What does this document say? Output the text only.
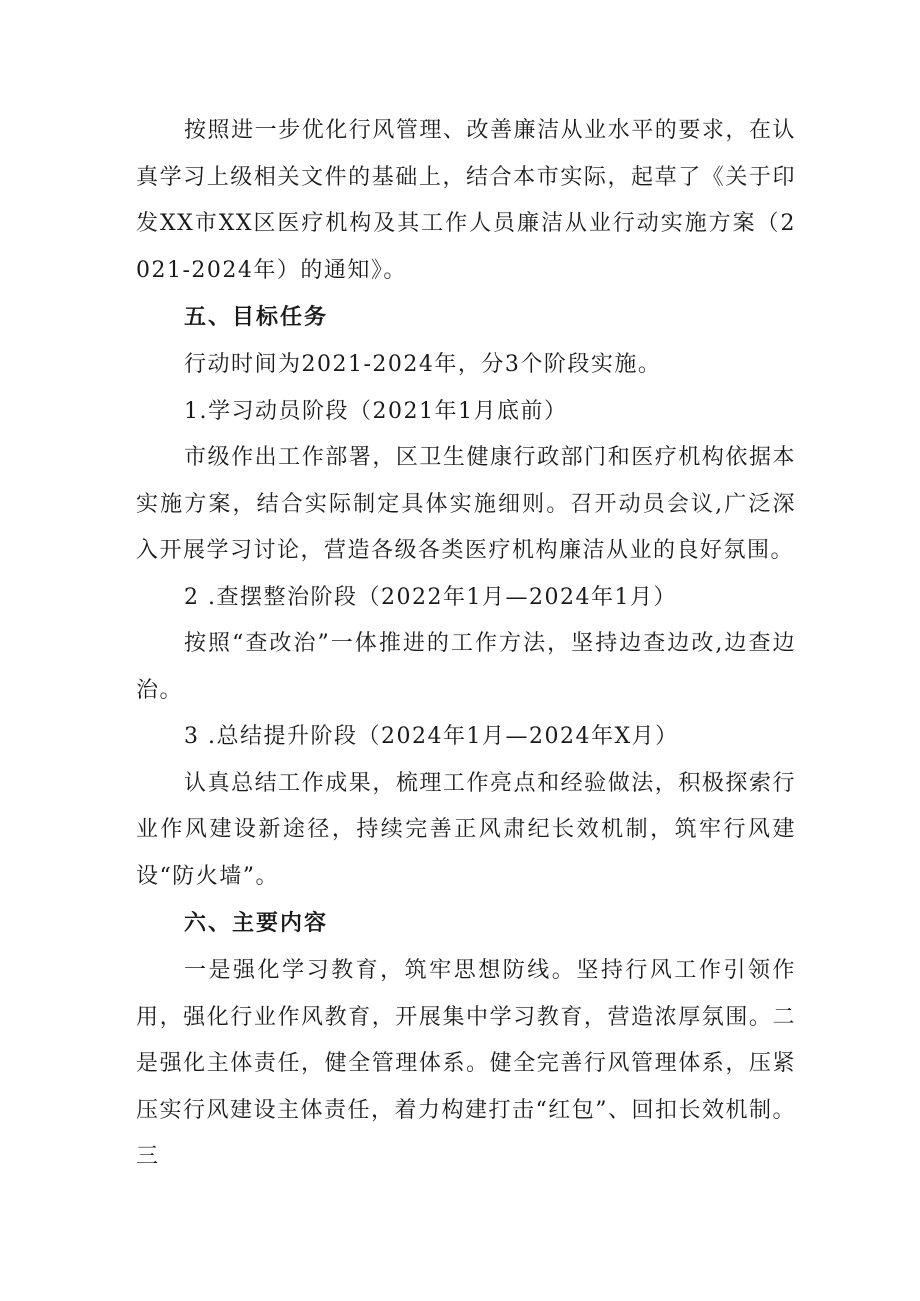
按照进一步优化行风管理、改善廉洁从业水平的要求，在认真学习上级相关文件的基础上，结合本市实际，起草了《关于印发XX市XX区医疗机构及其工作人员廉洁从业行动实施方案（2021-2024年）的通知》。

五、目标任务

行动时间为2021-2024年，分3个阶段实施。

1.学习动员阶段（2021年1月底前）

市级作出工作部署，区卫生健康行政部门和医疗机构依据本实施方案，结合实际制定具体实施细则。召开动员会议,广泛深入开展学习讨论，营造各级各类医疗机构廉洁从业的良好氛围。

2 .查摆整治阶段（2022年1月—2024年1月）

按照“查改治”一体推进的工作方法，坚持边查边改,边查边治。

3 .总结提升阶段（2024年1月—2024年X月）

认真总结工作成果，梳理工作亮点和经验做法，积极探索行业作风建设新途径，持续完善正风肃纪长效机制，筑牢行风建设“防火墙”。

六、主要内容

一是强化学习教育，筑牢思想防线。坚持行风工作引领作用，强化行业作风教育，开展集中学习教育，营造浓厚氛围。二是强化主体责任，健全管理体系。健全完善行风管理体系，压紧压实行风建设主体责任，着力构建打击“红包”、回扣长效机制。三
